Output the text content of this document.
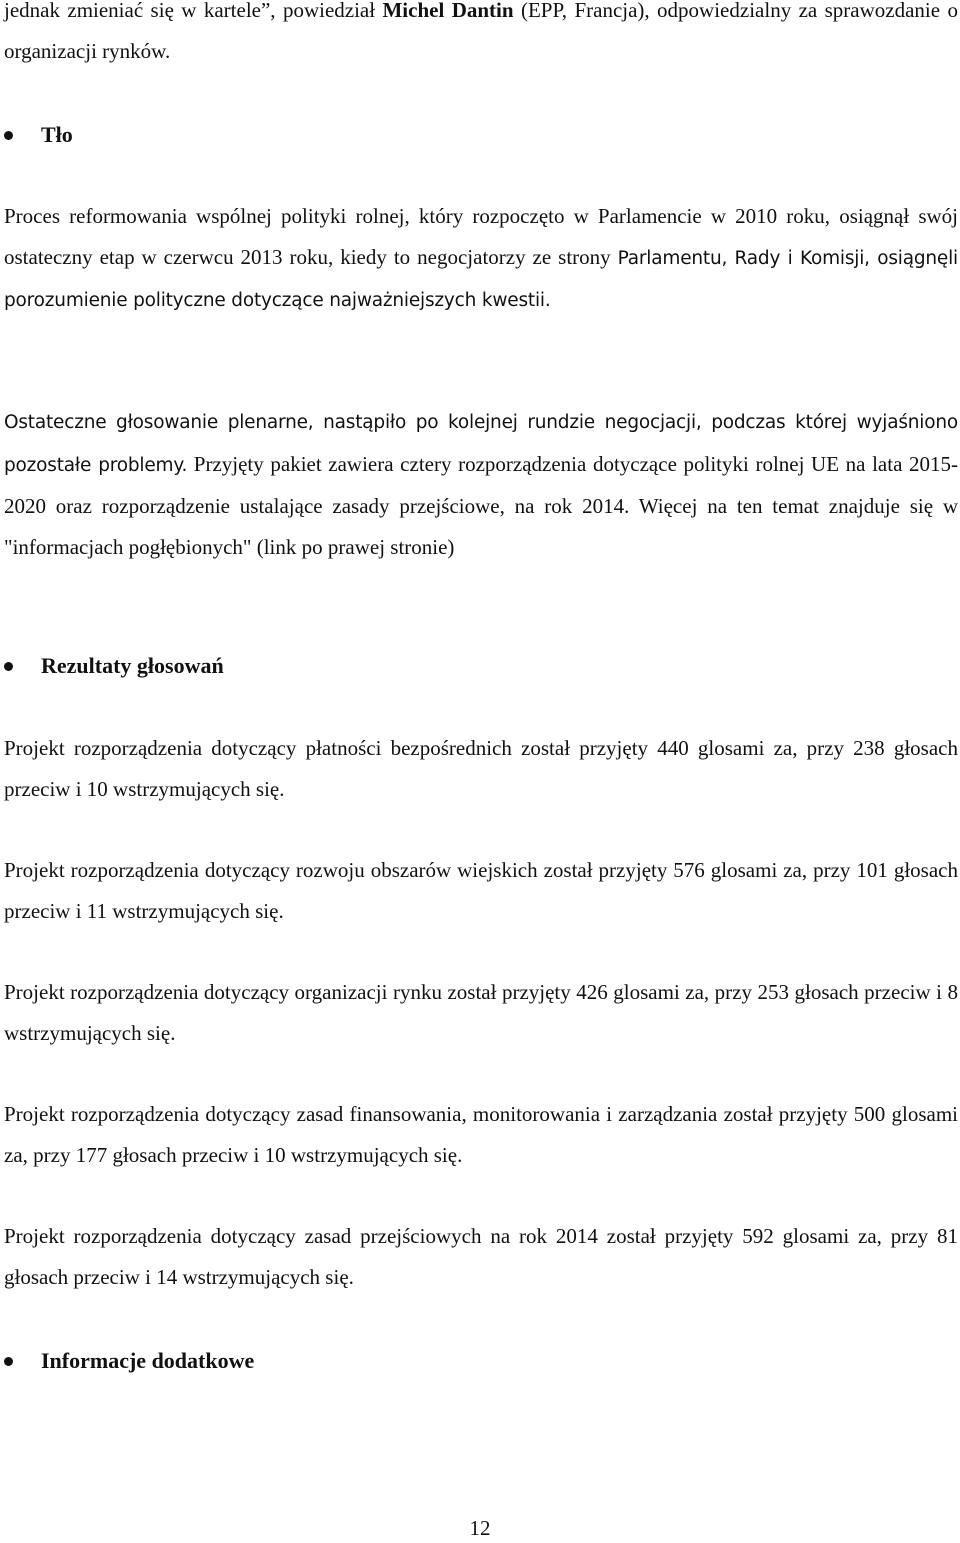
jednak zmieniać się w kartele”, powiedział Michel Dantin (EPP, Francja), odpowiedzialny za sprawozdanie o organizacji rynków.

Tło

Proces reformowania wspólnej polityki rolnej, który rozpoczęto w Parlamencie w 2010 roku, osiągnął swój ostateczny etap w czerwcu 2013 roku, kiedy to negocjatorzy ze strony Parlamentu, Rady i Komisji, osiągnęli porozumienie polityczne dotyczące najważniejszych kwestii.

Ostateczne głosowanie plenarne, nastąpiło po kolejnej rundzie negocjacji, podczas której wyjaśniono pozostałe problemy. Przyjęty pakiet zawiera cztery rozporządzenia dotyczące polityki rolnej UE na lata 2015-2020 oraz rozporządzenie ustalające zasady przejściowe, na rok 2014. Więcej na ten temat znajduje się w "informacjach pogłębionych" (link po prawej stronie)

Rezultaty głosowań

Projekt rozporządzenia dotyczący płatności bezpośrednich został przyjęty 440 glosami za, przy 238 głosach przeciw i 10 wstrzymujących się.

Projekt rozporządzenia dotyczący rozwoju obszarów wiejskich został przyjęty 576 glosami za, przy 101 głosach przeciw i 11 wstrzymujących się.

Projekt rozporządzenia dotyczący organizacji rynku został przyjęty 426 glosami za, przy 253 głosach przeciw i 8 wstrzymujących się.

Projekt rozporządzenia dotyczący zasad finansowania, monitorowania i zarządzania został przyjęty 500 glosami za, przy 177 głosach przeciw i 10 wstrzymujących się.

Projekt rozporządzenia dotyczący zasad przejściowych na rok 2014 został przyjęty 592 glosami za, przy 81 głosach przeciw i 14 wstrzymujących się.

Informacje dodatkowe
12
